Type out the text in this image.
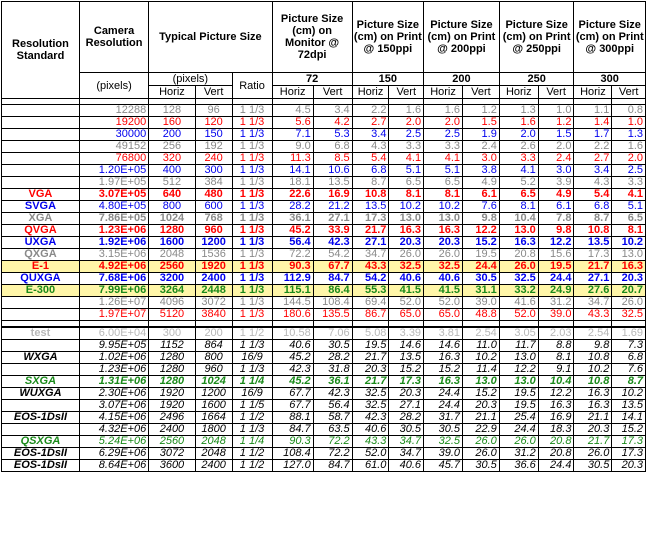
Resolution Standard	Camera Resolution	Typical Picture Size			Picture Size (cm) on Monitor @ 72dpi		Picture Size (cm) on Print @ 150ppi		Picture Size (cm) on Print @ 200ppi		Picture Size (cm) on Print @ 250ppi		Picture Size (cm) on Print @ 300ppi	
	(pixels)	(pixels)		Ratio	72		150		200		250		300	
		Horiz	Vert		Horiz	Vert	Horiz	Vert	Horiz	Vert	Horiz	Vert	Horiz	Vert

	12288	128	96	1 1/3	4.5	3.4	2.2	1.6	1.6	1.2	1.3	1.0	1.1	0.8
	19200	160	120	1 1/3	5.6	4.2	2.7	2.0	2.0	1.5	1.6	1.2	1.4	1.0
	30000	200	150	1 1/3	7.1	5.3	3.4	2.5	2.5	1.9	2.0	1.5	1.7	1.3
	49152	256	192	1 1/3	9.0	6.8	4.3	3.3	3.3	2.4	2.6	2.0	2.2	1.6
	76800	320	240	1 1/3	11.3	8.5	5.4	4.1	4.1	3.0	3.3	2.4	2.7	2.0
	1.20E+05	400	300	1 1/3	14.1	10.6	6.8	5.1	5.1	3.8	4.1	3.0	3.4	2.5
	1.97E+05	512	384	1 1/3	18.1	13.5	8.7	6.5	6.5	4.9	5.2	3.9	4.3	3.3
VGA	3.07E+05	640	480	1 1/3	22.6	16.9	10.8	8.1	8.1	6.1	6.5	4.9	5.4	4.1
SVGA	4.80E+05	800	600	1 1/3	28.2	21.2	13.5	10.2	10.2	7.6	8.1	6.1	6.8	5.1
XGA	7.86E+05	1024	768	1 1/3	36.1	27.1	17.3	13.0	13.0	9.8	10.4	7.8	8.7	6.5
QVGA	1.23E+06	1280	960	1 1/3	45.2	33.9	21.7	16.3	16.3	12.2	13.0	9.8	10.8	8.1
UXGA	1.92E+06	1600	1200	1 1/3	56.4	42.3	27.1	20.3	20.3	15.2	16.3	12.2	13.5	10.2
QXGA	3.15E+06	2048	1536	1 1/3	72.2	54.2	34.7	26.0	26.0	19.5	20.8	15.6	17.3	13.0
E-1	4.92E+06	2560	1920	1 1/3	90.3	67.7	43.3	32.5	32.5	24.4	26.0	19.5	21.7	16.3
QUXGA	7.68E+06	3200	2400	1 1/3	112.9	84.7	54.2	40.6	40.6	30.5	32.5	24.4	27.1	20.3
E-300	7.99E+06	3264	2448	1 1/3	115.1	86.4	55.3	41.5	41.5	31.1	33.2	24.9	27.6	20.7
	1.26E+07	4096	3072	1 1/3	144.5	108.4	69.4	52.0	52.0	39.0	41.6	31.2	34.7	26.0
	1.97E+07	5120	3840	1 1/3	180.6	135.5	86.7	65.0	65.0	48.8	52.0	39.0	43.3	32.5

test	6.00E+04	300	200	1 1/2	10.58	7.06	5.08	3.39	3.81	2.54	3.05	2.03	2.54	1.69
	9.95E+05	1152	864	1 1/3	40.6	30.5	19.5	14.6	14.6	11.0	11.7	8.8	9.8	7.3
WXGA	1.02E+06	1280	800	16/9	45.2	28.2	21.7	13.5	16.3	10.2	13.0	8.1	10.8	6.8
	1.23E+06	1280	960	1 1/3	42.3	31.8	20.3	15.2	15.2	11.4	12.2	9.1	10.2	7.6
SXGA	1.31E+06	1280	1024	1 1/4	45.2	36.1	21.7	17.3	16.3	13.0	13.0	10.4	10.8	8.7
WUXGA	2.30E+06	1920	1200	16/9	67.7	42.3	32.5	20.3	24.4	15.2	19.5	12.2	16.3	10.2
	3.07E+06	1920	1600	1 1/5	67.7	56.4	32.5	27.1	24.4	20.3	19.5	16.3	16.3	13.5
EOS-1DsII	4.15E+06	2496	1664	1 1/2	88.1	58.7	42.3	28.2	31.7	21.1	25.4	16.9	21.1	14.1
	4.32E+06	2400	1800	1 1/3	84.7	63.5	40.6	30.5	30.5	22.9	24.4	18.3	20.3	15.2
QSXGA	5.24E+06	2560	2048	1 1/4	90.3	72.2	43.3	34.7	32.5	26.0	26.0	20.8	21.7	17.3
EOS-1DsII	6.29E+06	3072	2048	1 1/2	108.4	72.2	52.0	34.7	39.0	26.0	31.2	20.8	26.0	17.3
EOS-1DsII	8.64E+06	3600	2400	1 1/2	127.0	84.7	61.0	40.6	45.7	30.5	36.6	24.4	30.5	20.3
